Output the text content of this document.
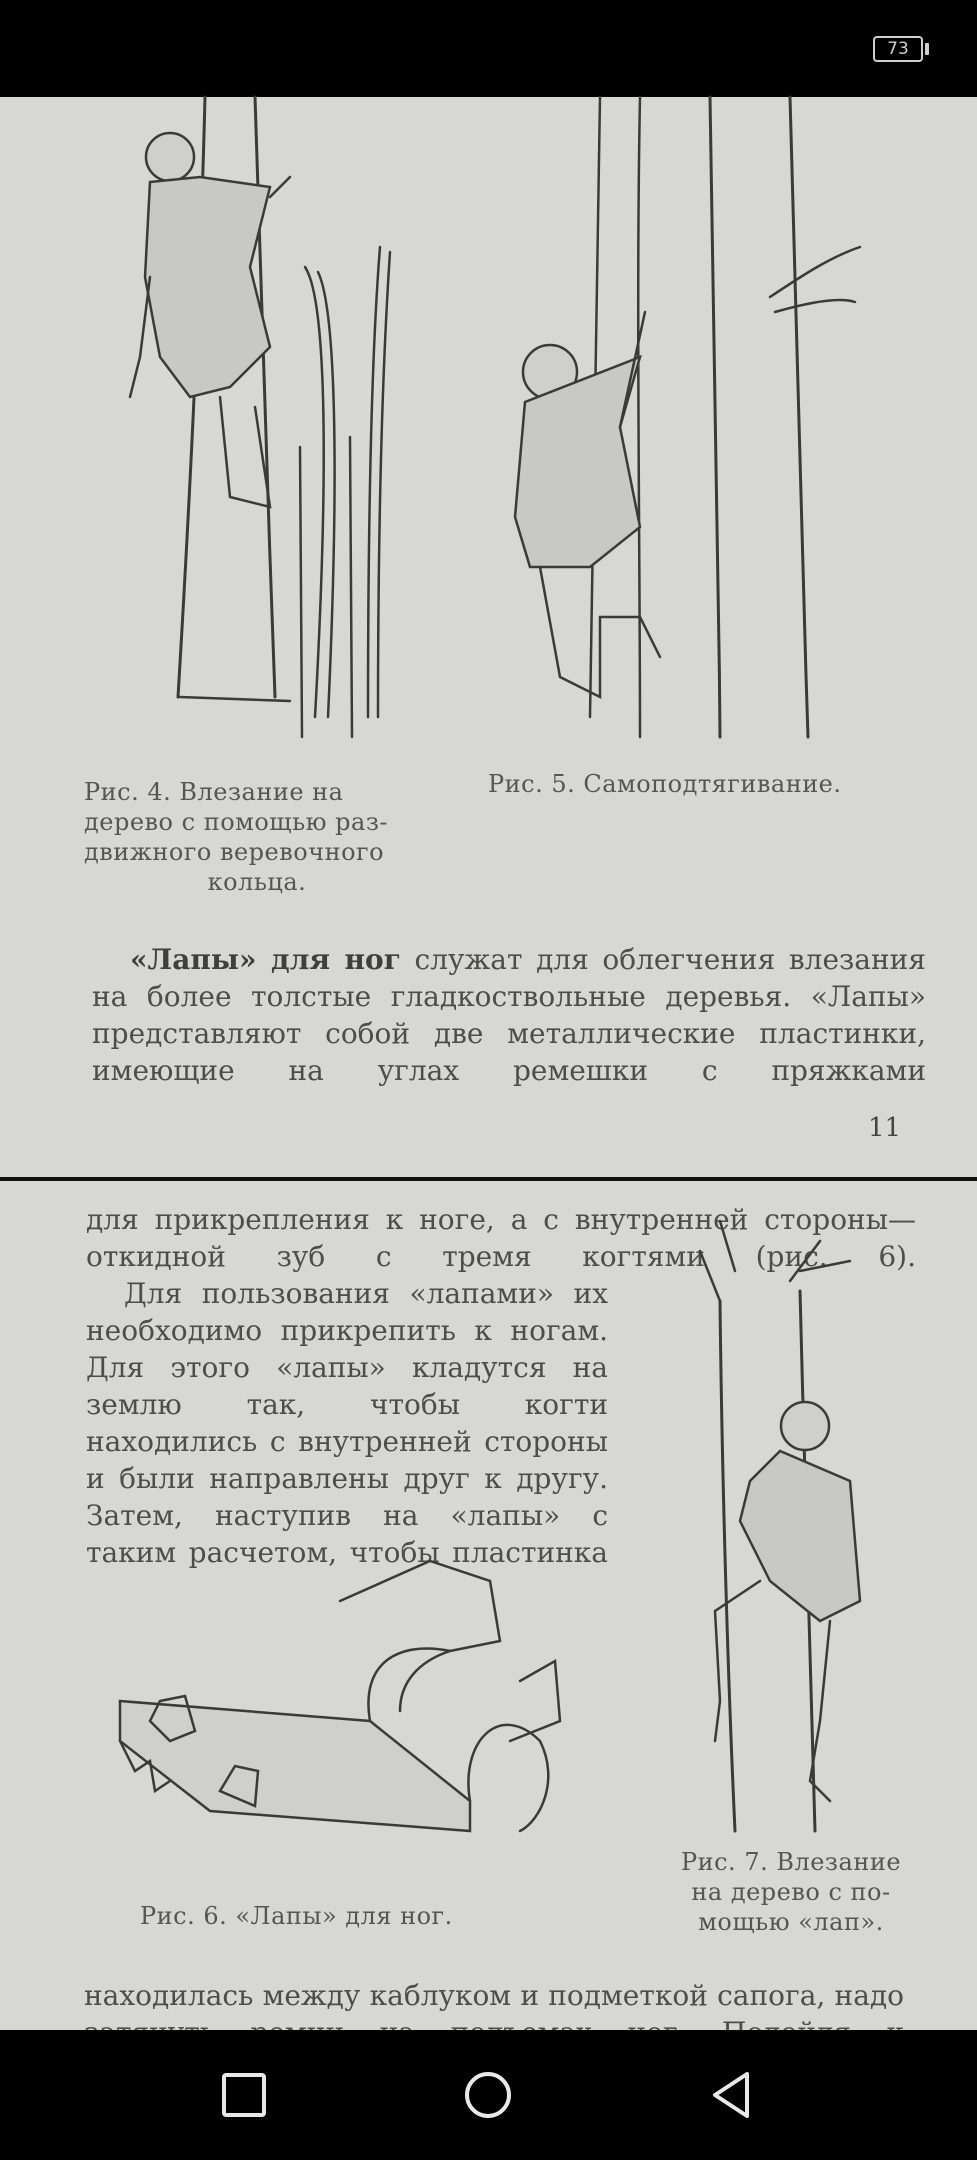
73
Рис. 4. Влезание на
дерево с помощью раз-
движного веревочного

кольца.
Рис. 5. Самоподтягивание.
«Лапы» для ног служат для облегчения влезания на более толстые гладкоствольные деревья. «Лапы» представляют собой две металлические пластинки, имеющие на углах ремешки с пряжками
11
для прикрепления к ноге, а с внутренней стороны—откидной зуб с тремя когтями (рис. 6).
Для пользования «лапами» их необходимо прикрепить к ногам. Для этого «лапы» кладутся на землю так, чтобы когти находились с внутренней стороны и были направлены друг к другу. Затем, наступив на «лапы» с таким расчетом, чтобы пластинка
Рис. 6. «Лапы» для ног.
Рис. 7. Влезание
на дерево с по-
мощью «лап».
находилась между каблуком и подметкой сапога, надо
